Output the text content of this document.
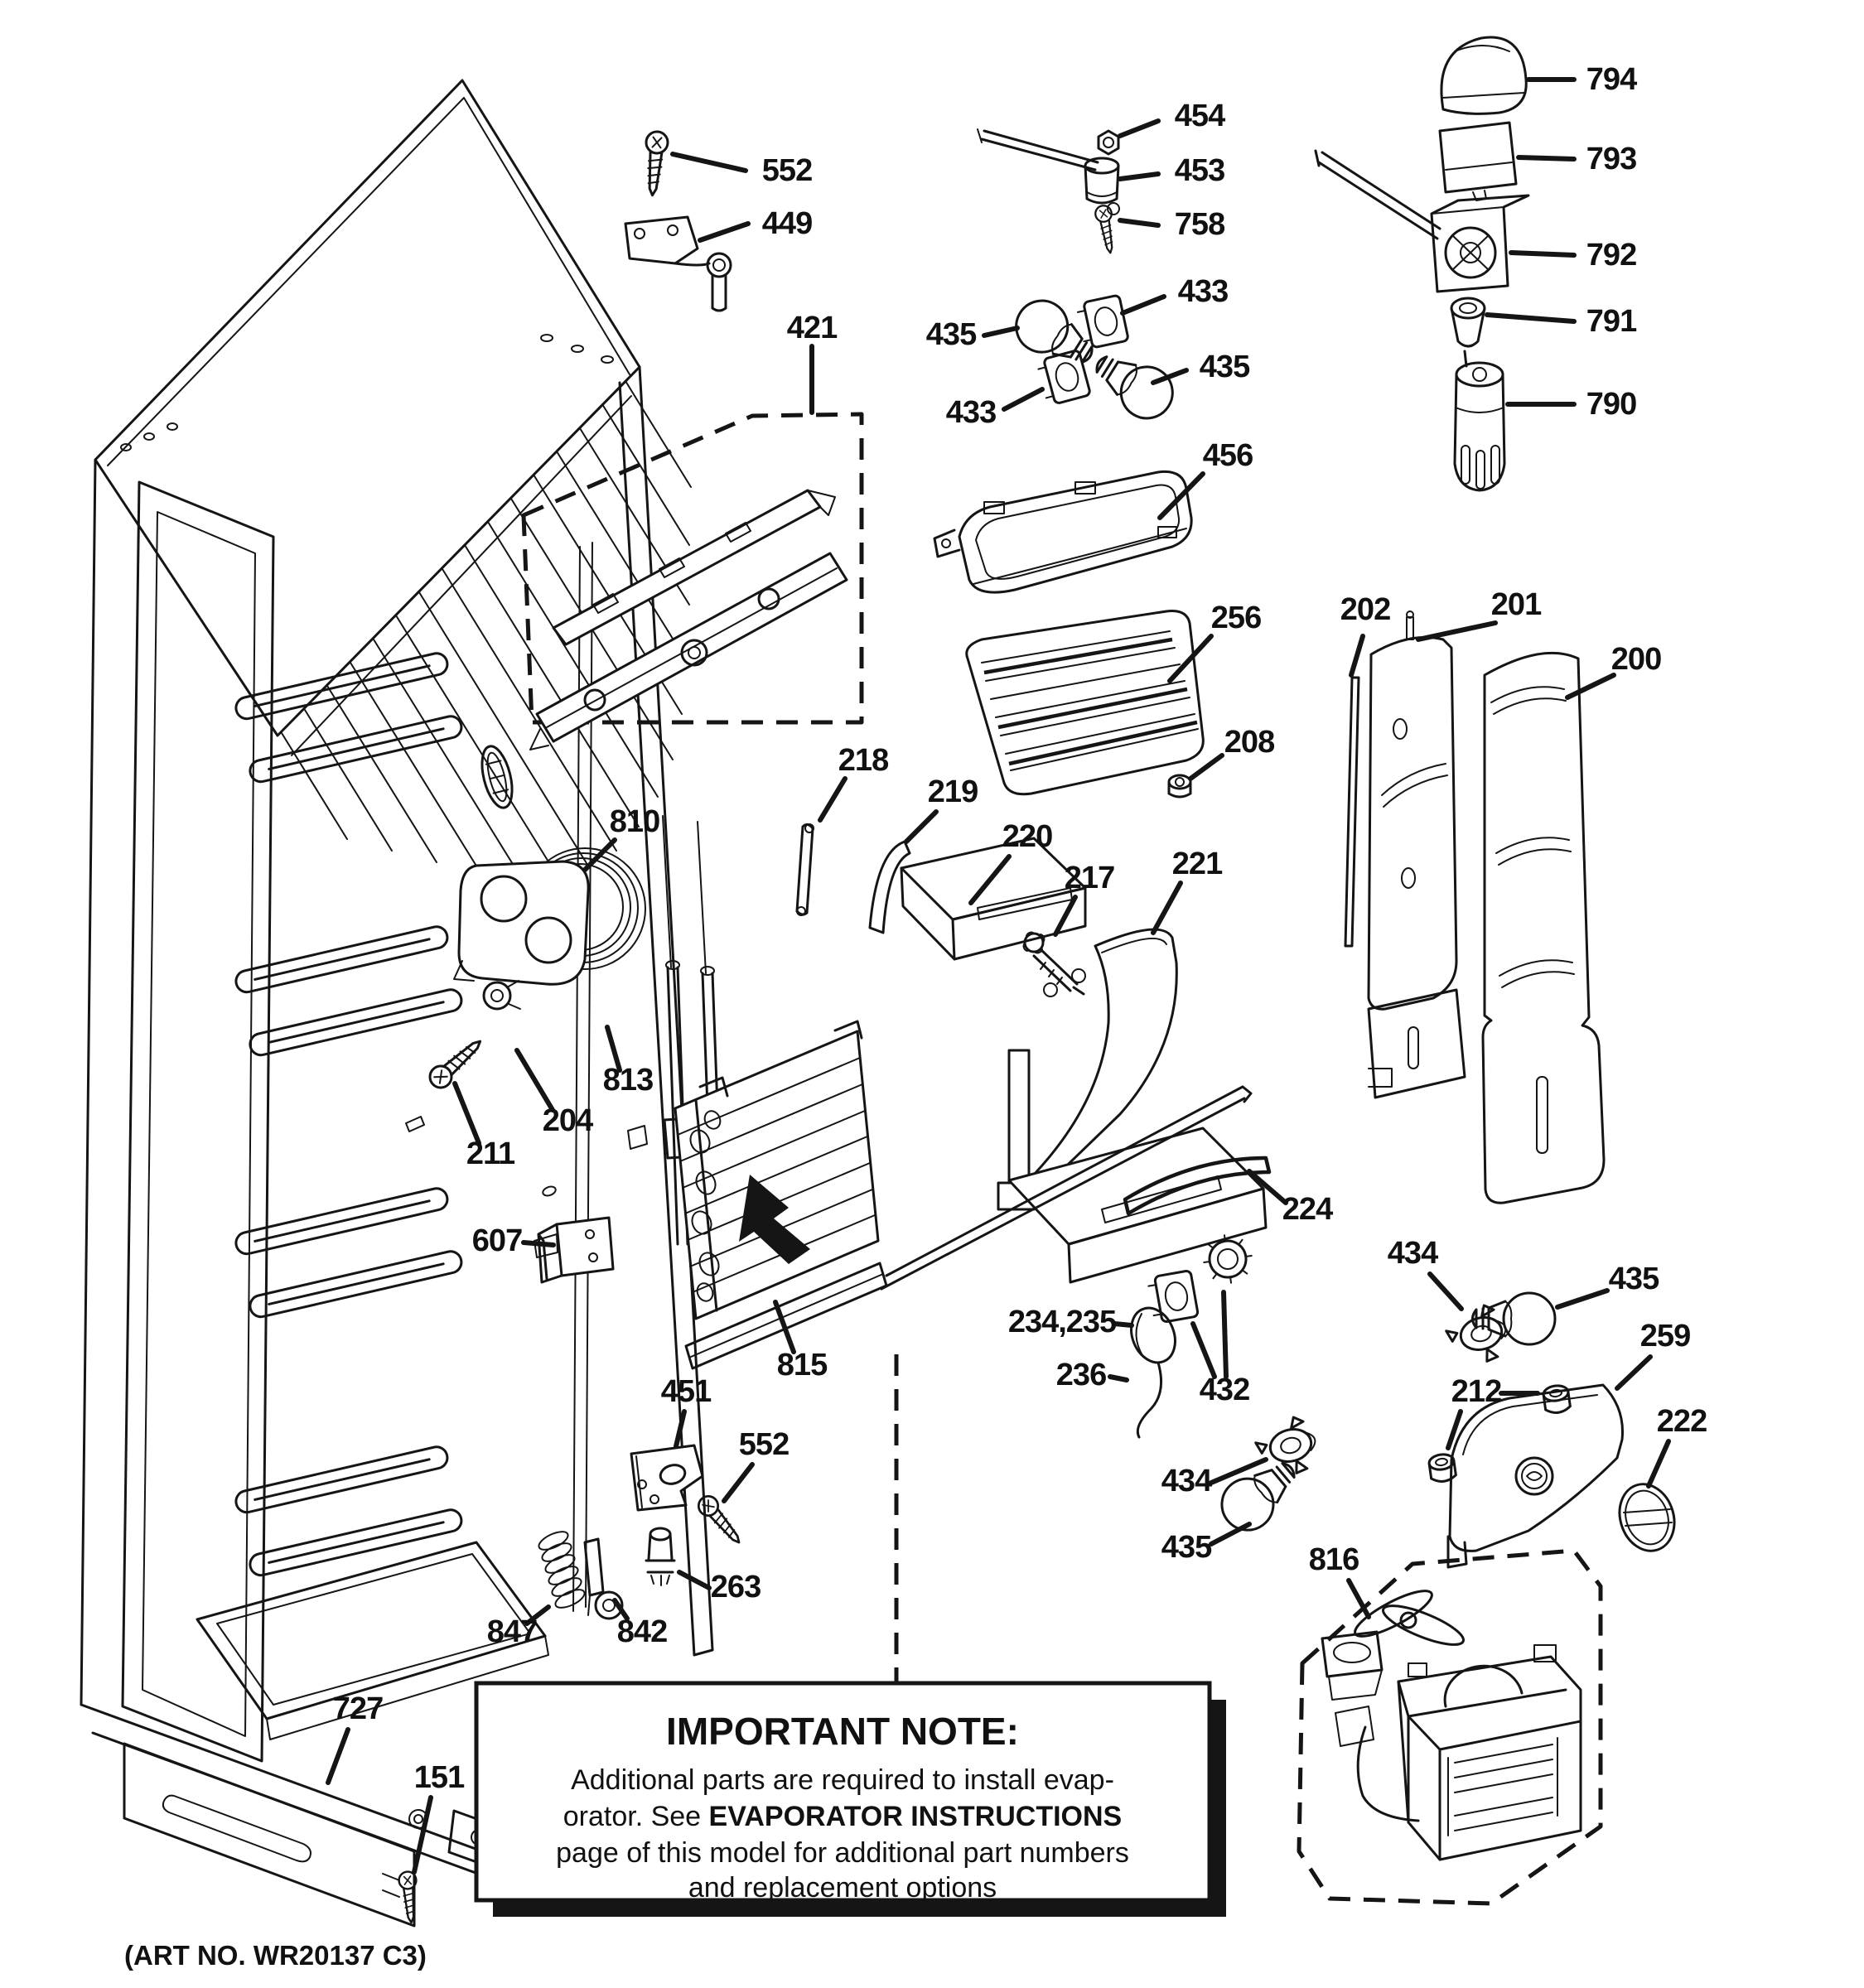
552
449
421
454
453
758
433
435
435
433
456
256
208
794
793
792
791
790
202	201
200
218
219
220
217 221
810
813
204
211
607
815
224
234,235
236	432
434
435
259
212
222
434
435	816
451
552
263
847	842
727
151
IMPORTANT NOTE:
Additional parts are required to install evap-
orator. See EVAPORATOR INSTRUCTIONS
page of this model for additional part numbers
and replacement options
(ART NO. WR20137 C3)
